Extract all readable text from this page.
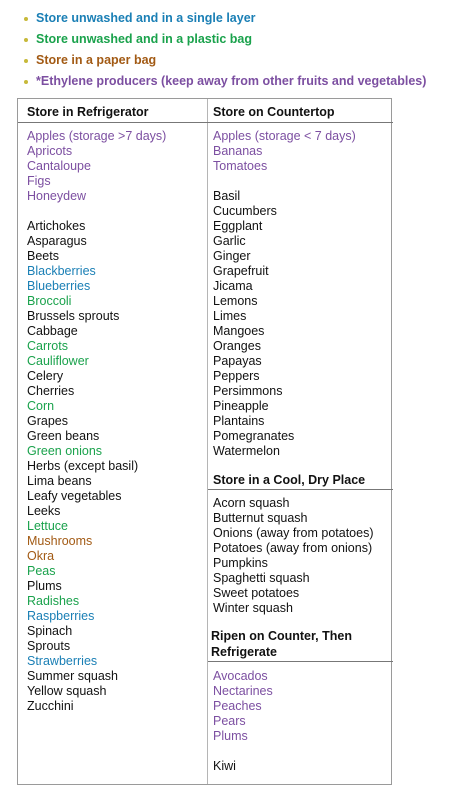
Store unwashed and in a single layer
Store unwashed and in a plastic bag
Store in a paper bag
*Ethylene producers (keep away from other fruits and vegetables)
Store in Refrigerator	Store on Countertop
Apples (storage >7 days)
Apricots
Cantaloupe
Figs
Honeydew
Artichokes
Asparagus
Beets
Blackberries
Blueberries
Broccoli
Brussels sprouts
Cabbage
Carrots
Cauliflower
Celery
Cherries
Corn
Grapes
Green beans
Green onions
Herbs (except basil)
Lima beans
Leafy vegetables
Leeks
Lettuce
Mushrooms
Okra
Peas
Plums
Radishes
Raspberries
Spinach
Sprouts
Strawberries
Summer squash
Yellow squash
Zucchini
Apples (storage < 7 days)
Bananas
Tomatoes
Basil
Cucumbers
Eggplant
Garlic
Ginger
Grapefruit
Jicama
Lemons
Limes
Mangoes
Oranges
Papayas
Peppers
Persimmons
Pineapple
Plantains
Pomegranates
Watermelon
Store in a Cool, Dry Place
Acorn squash
Butternut squash
Onions (away from potatoes)
Potatoes (away from onions)
Pumpkins
Spaghetti squash
Sweet potatoes
Winter squash
Ripen on Counter, Then
Refrigerate
Avocados
Nectarines
Peaches
Pears
Plums
Kiwi
